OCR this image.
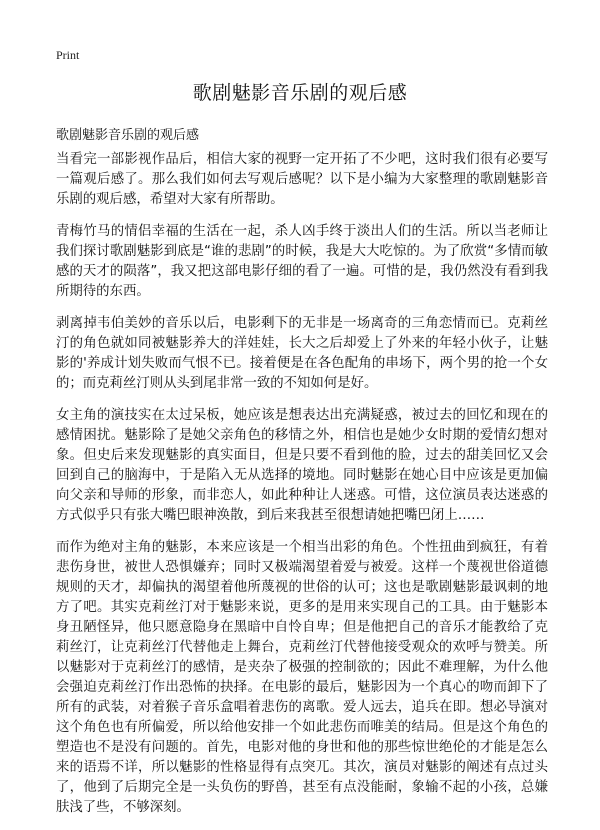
Print
歌剧魅影音乐剧的观后感
歌剧魅影音乐剧的观后感

当看完一部影视作品后，相信大家的视野一定开拓了不少吧，这时我们很有必要写一篇观后感了。那么我们如何去写观后感呢？以下是小编为大家整理的歌剧魅影音乐剧的观后感，希望对大家有所帮助。

青梅竹马的情侣幸福的生活在一起，杀人凶手终于淡出人们的生活。所以当老师让我们探讨歌剧魅影到底是“谁的悲剧”的时候，我是大大吃惊的。为了欣赏“多情而敏感的天才的陨落”，我又把这部电影仔细的看了一遍。可惜的是，我仍然没有看到我所期待的东西。

剥离掉韦伯美妙的音乐以后，电影剩下的无非是一场离奇的三角恋情而已。克莉丝汀的角色就如同被魅影养大的洋娃娃，长大之后却爱上了外来的年轻小伙子，让魅影的'养成计划失败而气恨不已。接着便是在各色配角的串场下，两个男的抢一个女的；而克莉丝汀则从头到尾非常一致的不知如何是好。

女主角的演技实在太过呆板，她应该是想表达出充满疑惑，被过去的回忆和现在的感情困扰。魅影除了是她父亲角色的移情之外，相信也是她少女时期的爱情幻想对象。但史后来发现魅影的真实面目，但是只要不看到他的脸，过去的甜美回忆又会回到自己的脑海中，于是陷入无从选择的境地。同时魅影在她心目中应该是更加偏向父亲和导师的形象，而非恋人，如此种种让人迷惑。可惜，这位演员表达迷惑的方式似乎只有张大嘴巴眼神涣散，到后来我甚至很想请她把嘴巴闭上……

而作为绝对主角的魅影，本来应该是一个相当出彩的角色。个性扭曲到疯狂，有着悲伤身世，被世人恐惧嫌弃；同时又极端渴望着爱与被爱。这样一个蔑视世俗道德规则的天才，却偏执的渴望着他所蔑视的世俗的认可；这也是歌剧魅影最讽刺的地方了吧。其实克莉丝汀对于魅影来说，更多的是用来实现自己的工具。由于魅影本身丑陋怪异，他只愿意隐身在黑暗中自怜自卑；但是他把自己的音乐才能教给了克莉丝汀，让克莉丝汀代替他走上舞台，克莉丝汀代替他接受观众的欢呼与赞美。所以魅影对于克莉丝汀的感情，是夹杂了极强的控制欲的；因此不难理解，为什么他会强迫克莉丝汀作出恐怖的抉择。在电影的最后，魅影因为一个真心的吻而卸下了所有的武装，对着猴子音乐盒唱着悲伤的离歌。爱人远去，追兵在即。想必导演对这个角色也有所偏爱，所以给他安排一个如此悲伤而唯美的结局。但是这个角色的塑造也不是没有问题的。首先，电影对他的身世和他的那些惊世绝伦的才能是怎么来的语焉不详，所以魅影的性格显得有点突兀。其次，演员对魅影的阐述有点过头了，他到了后期完全是一头负伤的野兽，甚至有点没能耐，象输不起的小孩，总嫌肤浅了些，不够深刻。
